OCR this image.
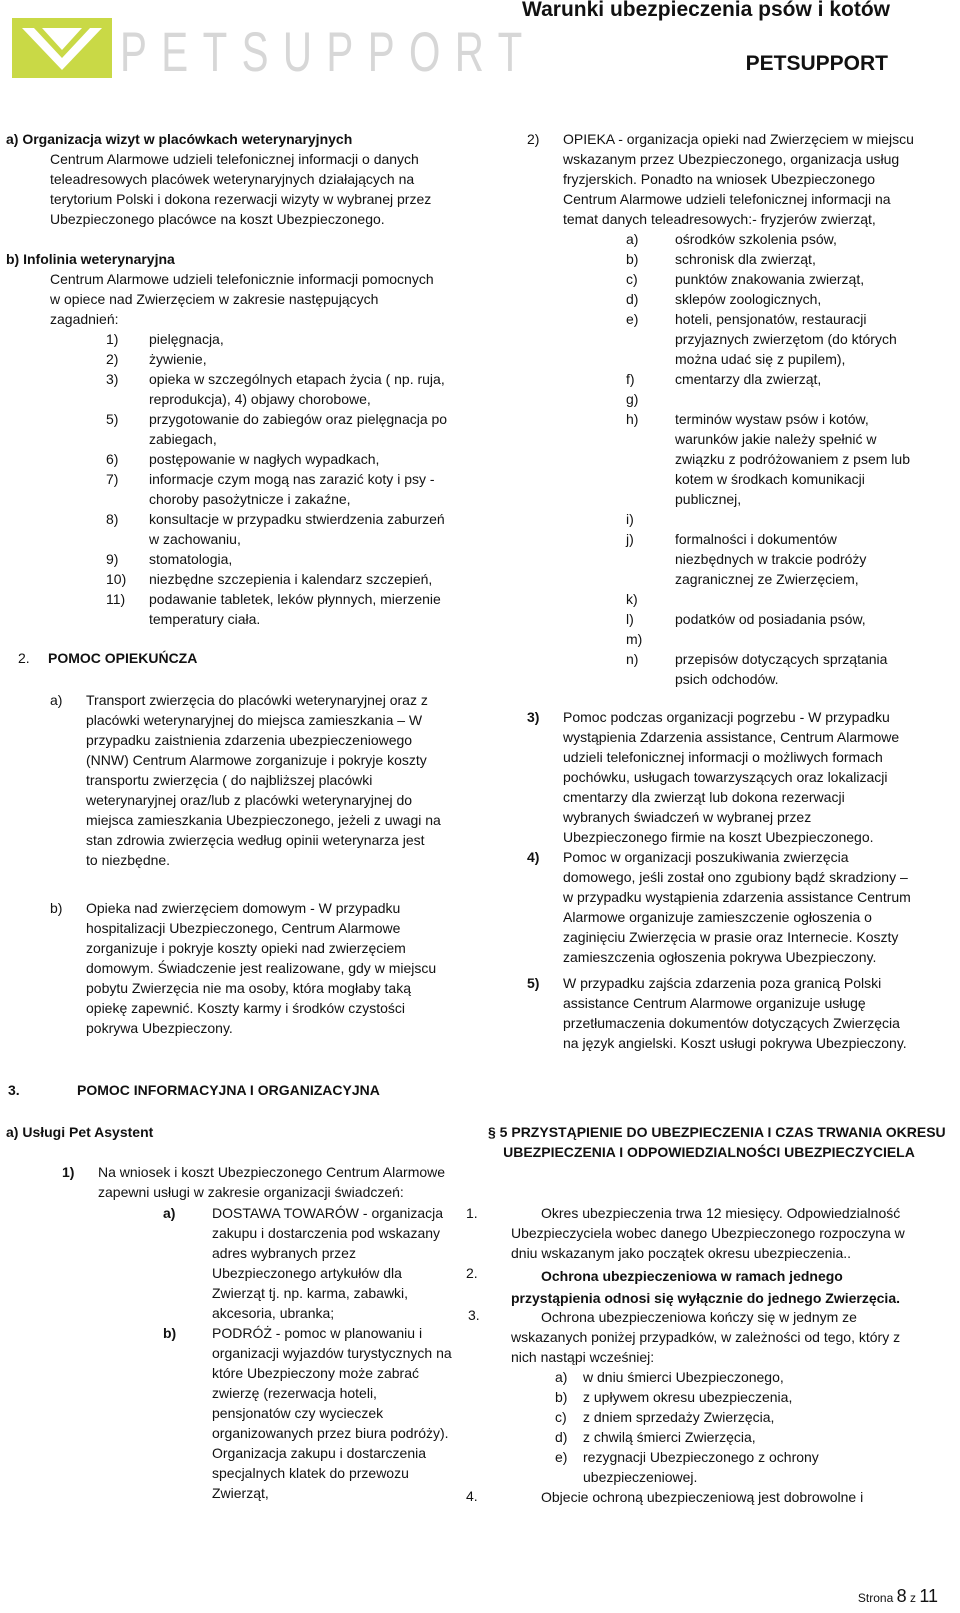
PETSUPPORT
Warunki ubezpieczenia psów i kotów
PETSUPPORT
a) Organizacja wizyt w placówkach weterynaryjnych
Centrum Alarmowe udzieli telefonicznej informacji o danych
teleadresowych placówek weterynaryjnych działających na
terytorium Polski i dokona rezerwacji wizyty w wybranej przez
Ubezpieczonego placówce na koszt Ubezpieczonego.
b) Infolinia weterynaryjna
Centrum Alarmowe udzieli telefonicznie informacji pomocnych
w opiece nad Zwierzęciem w zakresie następujących
zagadnień:
1)	pielęgnacja,
2)	żywienie,
3)	opieka w szczególnych etapach życia ( np. ruja,
reprodukcja), 4) objawy chorobowe,
5)	przygotowanie do zabiegów oraz pielęgnacja po
zabiegach,
6)	postępowanie w nagłych wypadkach,
7)	informacje czym mogą nas zarazić koty i psy -
choroby pasożytnicze i zakaźne,
8)	konsultacje w przypadku stwierdzenia zaburzeń
w zachowaniu,
9)	stomatologia,
10)	niezbędne szczepienia i kalendarz szczepień,
11)	podawanie tabletek, leków płynnych, mierzenie
temperatury ciała.
2. POMOC OPIEKUŃCZA
a)	Transport zwierzęcia do placówki weterynaryjnej oraz z
placówki weterynaryjnej do miejsca zamieszkania – W
przypadku zaistnienia zdarzenia ubezpieczeniowego
(NNW) Centrum Alarmowe zorganizuje i pokryje koszty
transportu zwierzęcia ( do najbliższej placówki
weterynaryjnej oraz/lub z placówki weterynaryjnej do
miejsca zamieszkania Ubezpieczonego, jeżeli z uwagi na
stan zdrowia zwierzęcia według opinii weterynarza jest
to niezbędne.
b)	Opieka nad zwierzęciem domowym - W przypadku
hospitalizacji Ubezpieczonego, Centrum Alarmowe
zorganizuje i pokryje koszty opieki nad zwierzęciem
domowym. Świadczenie jest realizowane, gdy w miejscu
pobytu Zwierzęcia nie ma osoby, która mogłaby taką
opiekę zapewnić. Koszty karmy i środków czystości
pokrywa Ubezpieczony.
2)	OPIEKA - organizacja opieki nad Zwierzęciem w miejscu
wskazanym przez Ubezpieczonego, organizacja usług
fryzjerskich. Ponadto na wniosek Ubezpieczonego
Centrum Alarmowe udzieli telefonicznej informacji na
temat danych teleadresowych:- fryzjerów zwierząt,
a)	ośrodków szkolenia psów,
b)	schronisk dla zwierząt,
c)	punktów znakowania zwierząt,
d)	sklepów zoologicznych,
e)	hoteli, pensjonatów, restauracji
przyjaznych zwierzętom (do których
można udać się z pupilem),
f)	cmentarzy dla zwierząt,
g)
h)	terminów wystaw psów i kotów,
warunków jakie należy spełnić w
związku z podróżowaniem z psem lub
kotem w środkach komunikacji
publicznej,
i)
j)	formalności i dokumentów
niezbędnych w trakcie podróży
zagranicznej ze Zwierzęciem,
k)
l)	podatków od posiadania psów,
m)
n)	przepisów dotyczących sprzątania
psich odchodów.
3)	Pomoc podczas organizacji pogrzebu - W przypadku
wystąpienia Zdarzenia assistance, Centrum Alarmowe
udzieli telefonicznej informacji o możliwych formach
pochówku, usługach towarzyszących oraz lokalizacji
cmentarzy dla zwierząt lub dokona rezerwacji
wybranych świadczeń w wybranej przez
Ubezpieczonego firmie na koszt Ubezpieczonego.
4)	Pomoc w organizacji poszukiwania zwierzęcia
domowego, jeśli został ono zgubiony bądź skradziony –
w przypadku wystąpienia zdarzenia assistance Centrum
Alarmowe organizuje zamieszczenie ogłoszenia o
zaginięciu Zwierzęcia w prasie oraz Internecie. Koszty
zamieszczenia ogłoszenia pokrywa Ubezpieczony.
5)	W przypadku zajścia zdarzenia poza granicą Polski
assistance Centrum Alarmowe organizuje usługę
przetłumaczenia dokumentów dotyczących Zwierzęcia
na język angielski. Koszt usługi pokrywa Ubezpieczony.
3.	POMOC INFORMACYJNA I ORGANIZACYJNA
a) Usługi Pet Asystent
1)	Na wniosek i koszt Ubezpieczonego Centrum Alarmowe
zapewni usługi w zakresie organizacji świadczeń:
a)	DOSTAWA TOWARÓW - organizacja
zakupu i dostarczenia pod wskazany
adres wybranych przez
Ubezpieczonego artykułów dla
Zwierząt tj. np. karma, zabawki,
akcesoria, ubranka;
b)	PODRÓŻ - pomoc w planowaniu i
organizacji wyjazdów turystycznych na
które Ubezpieczony może zabrać
zwierzę (rezerwacja hoteli,
pensjonatów czy wycieczek
organizowanych przez biura podróży).
Organizacja zakupu i dostarczenia
specjalnych klatek do przewozu
Zwierząt,
1.
2.
3.
4.
§ 5 PRZYSTĄPIENIE DO UBEZPIECZENIA I CZAS TRWANIA OKRESU
UBEZPIECZENIA I ODPOWIEDZIALNOŚCI UBEZPIECZYCIELA
Okres ubezpieczenia trwa 12 miesięcy. Odpowiedzialność
Ubezpieczyciela wobec danego Ubezpieczonego rozpoczyna w
dniu wskazanym jako początek okresu ubezpieczenia..
Ochrona ubezpieczeniowa w ramach jednego
przystąpienia odnosi się wyłącznie do jednego Zwierzęcia.
Ochrona ubezpieczeniowa kończy się w jednym ze
wskazanych poniżej przypadków, w zależności od tego, który z
nich nastąpi wcześniej:
a)	w dniu śmierci Ubezpieczonego,
b)	z upływem okresu ubezpieczenia,
c)	z dniem sprzedaży Zwierzęcia,
d)	z chwilą śmierci Zwierzęcia,
e)	rezygnacji Ubezpieczonego z ochrony
ubezpieczeniowej.
Objecie ochroną ubezpieczeniową jest dobrowolne i
Strona 8 z 11
